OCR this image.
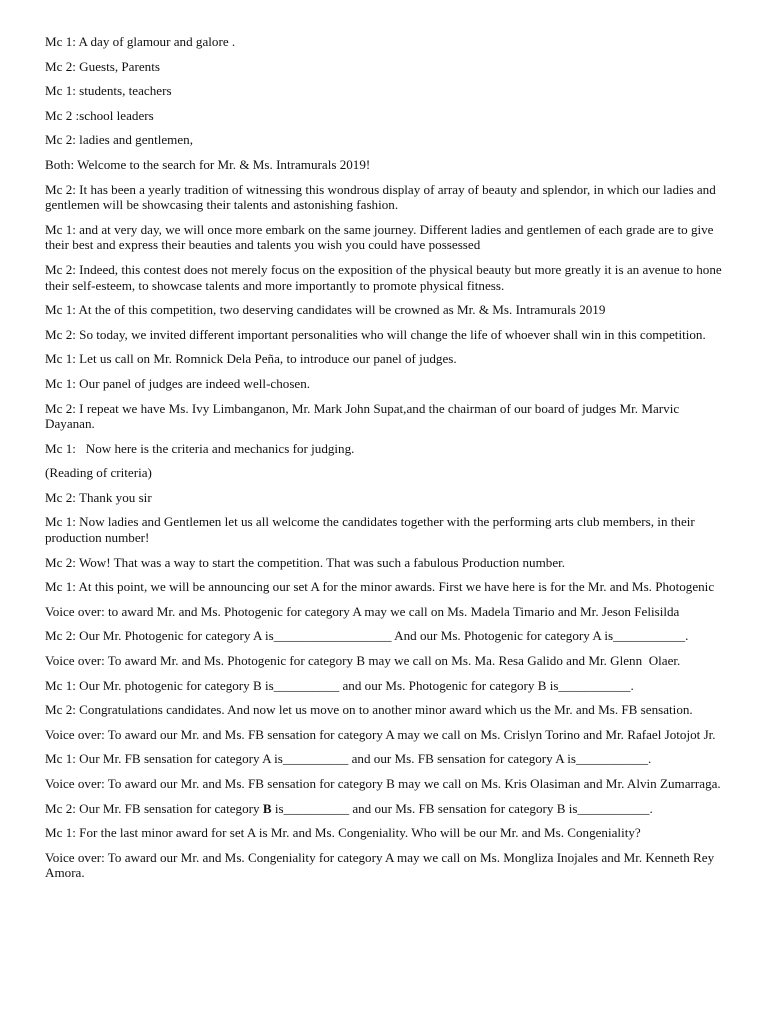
Mc 1: A day of glamour and galore .

Mc 2: Guests, Parents

Mc 1: students, teachers

Mc 2 :school leaders

Mc 2: ladies and gentlemen,

Both: Welcome to the search for Mr. & Ms. Intramurals 2019!

Mc 2: It has been a yearly tradition of witnessing this wondrous display of array of beauty and splendor, in which our ladies and gentlemen will be showcasing their talents and astonishing fashion.

Mc 1: and at very day, we will once more embark on the same journey. Different ladies and gentlemen of each grade are to give their best and express their beauties and talents you wish you could have possessed

Mc 2: Indeed, this contest does not merely focus on the exposition of the physical beauty but more greatly it is an avenue to hone their self-esteem, to showcase talents and more importantly to promote physical fitness.

Mc 1: At the of this competition, two deserving candidates will be crowned as Mr. & Ms. Intramurals 2019

Mc 2: So today, we invited different important personalities who will change the life of whoever shall win in this competition.

Mc 1: Let us call on Mr. Romnick Dela Peña, to introduce our panel of judges.

Mc 1: Our panel of judges are indeed well-chosen.

Mc 2: I repeat we have Ms. Ivy Limbanganon, Mr. Mark John Supat,and the chairman of our board of judges Mr. Marvic Dayanan.

Mc 1:   Now here is the criteria and mechanics for judging.

(Reading of criteria)

Mc 2: Thank you sir

Mc 1: Now ladies and Gentlemen let us all welcome the candidates together with the performing arts club members, in their production number!

Mc 2: Wow! That was a way to start the competition. That was such a fabulous Production number.

Mc 1: At this point, we will be announcing our set A for the minor awards. First we have here is for the Mr. and Ms. Photogenic

Voice over: to award Mr. and Ms. Photogenic for category A may we call on Ms. Madela Timario and Mr. Jeson Felisilda

Mc 2: Our Mr. Photogenic for category A is__________________ And our Ms. Photogenic for category A is___________.

Voice over: To award Mr. and Ms. Photogenic for category B may we call on Ms. Ma. Resa Galido and Mr. Glenn  Olaer.

Mc 1: Our Mr. photogenic for category B is__________ and our Ms. Photogenic for category B is___________.

Mc 2: Congratulations candidates. And now let us move on to another minor award which us the Mr. and Ms. FB sensation.

Voice over: To award our Mr. and Ms. FB sensation for category A may we call on Ms. Crislyn Torino and Mr. Rafael Jotojot Jr.

Mc 1: Our Mr. FB sensation for category A is__________ and our Ms. FB sensation for category A is___________.

Voice over: To award our Mr. and Ms. FB sensation for category B may we call on Ms. Kris Olasiman and Mr. Alvin Zumarraga.

Mc 2: Our Mr. FB sensation for category B is__________ and our Ms. FB sensation for category B is___________.

Mc 1: For the last minor award for set A is Mr. and Ms. Congeniality. Who will be our Mr. and Ms. Congeniality?

Voice over: To award our Mr. and Ms. Congeniality for category A may we call on Ms. Mongliza Inojales and Mr. Kenneth Rey Amora.
